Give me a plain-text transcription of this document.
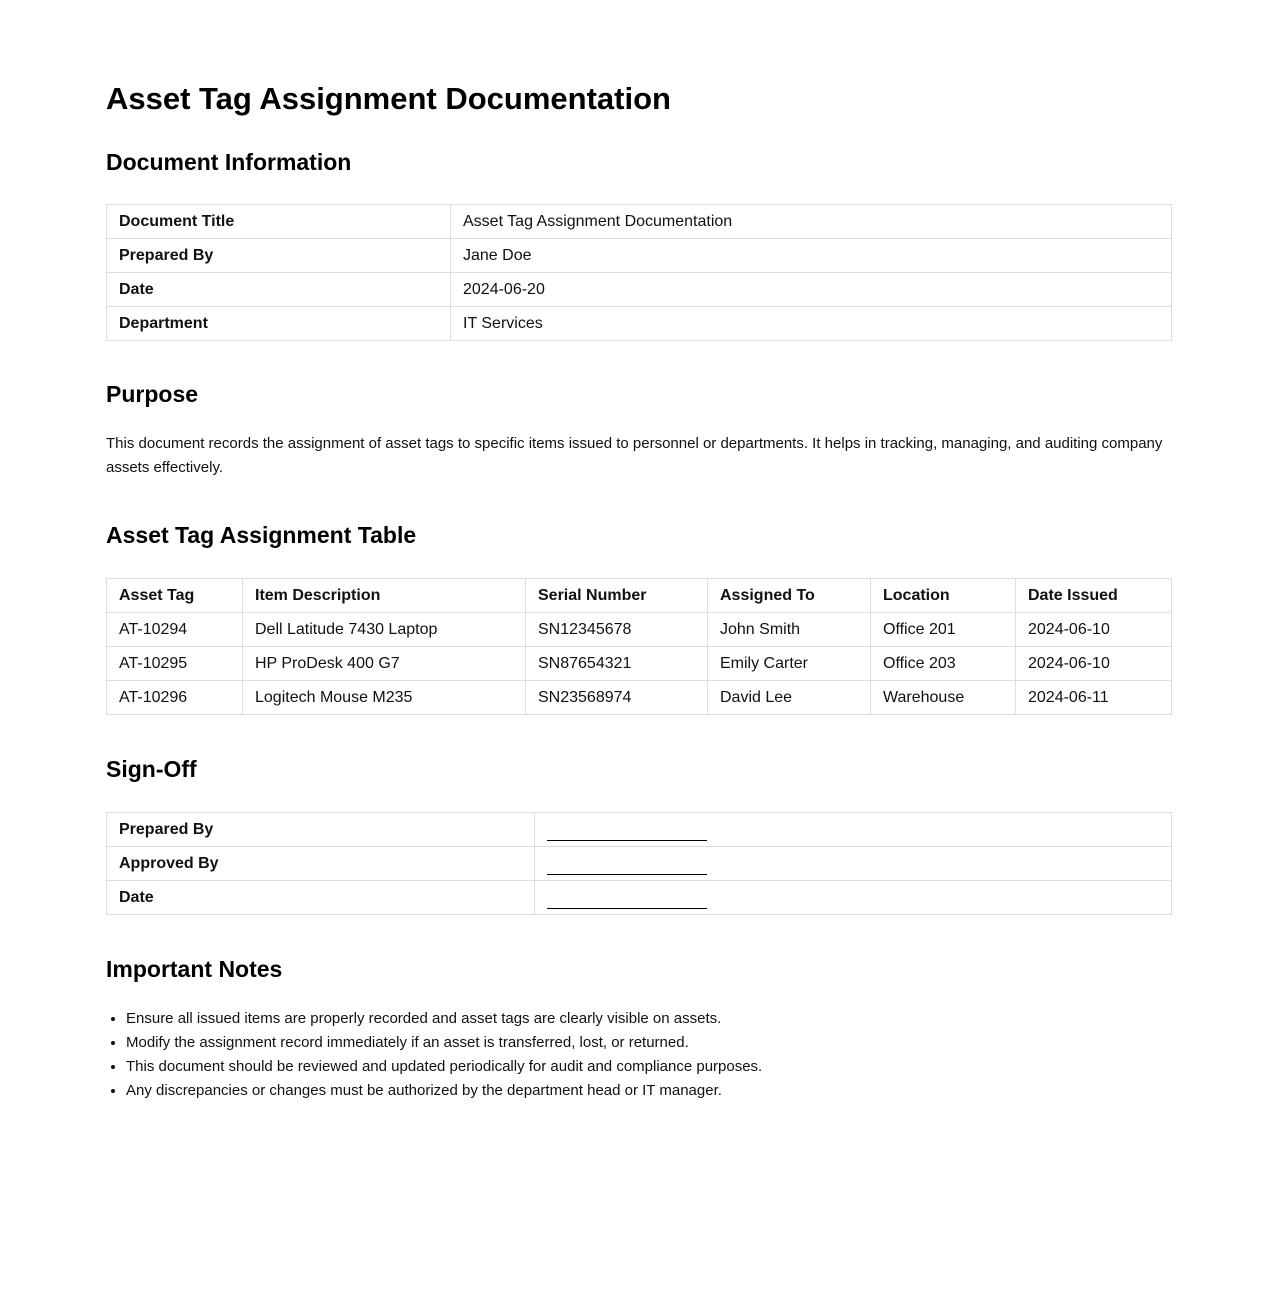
Asset Tag Assignment Documentation
Document Information
Document Title	Asset Tag Assignment Documentation
Prepared By	Jane Doe
Date	2024-06-20
Department	IT Services
Purpose

This document records the assignment of asset tags to specific items issued to personnel or departments. It helps in tracking, managing, and auditing company assets effectively.

Asset Tag Assignment Table
Asset Tag	Item Description	Serial Number	Assigned To	Location	Date Issued
AT-10294	Dell Latitude 7430 Laptop	SN12345678	John Smith	Office 201	2024-06-10
AT-10295	HP ProDesk 400 G7	SN87654321	Emily Carter	Office 203	2024-06-10
AT-10296	Logitech Mouse M235	SN23568974	David Lee	Warehouse	2024-06-11
Sign-Off
Prepared By	
Approved By	
Date	
Important Notes
• Ensure all issued items are properly recorded and asset tags are clearly visible on assets.
• Modify the assignment record immediately if an asset is transferred, lost, or returned.
• This document should be reviewed and updated periodically for audit and compliance purposes.
• Any discrepancies or changes must be authorized by the department head or IT manager.
